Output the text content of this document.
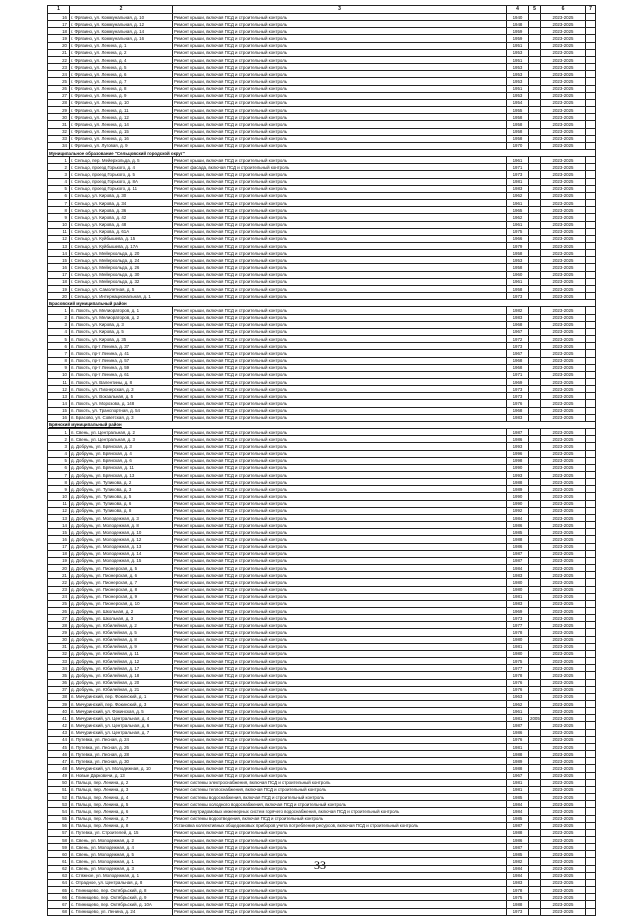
1	2	3	4	5	6	7
16	г. Фрязино, ул. Коммунальная, д. 10	Ремонт крыши, включая ПСД и строительный контроль	1940		2023-2025	
17	г. Фрязино, ул. Коммунальная, д. 12	Ремонт крыши, включая ПСД и строительный контроль	1948		2023-2025	
18	г. Фрязино, ул. Коммунальная, д. 14	Ремонт крыши, включая ПСД и строительный контроль	1959		2023-2025	
19	г. Фрязино, ул. Коммунальная, д. 16	Ремонт крыши, включая ПСД и строительный контроль	1959		2023-2025	
20	г. Фрязино, ул. Ленина, д. 1	Ремонт крыши, включая ПСД и строительный контроль	1951		2023-2025	
21	г. Фрязино, ул. Ленина, д. 2	Ремонт крыши, включая ПСД и строительный контроль	1953		2023-2025	
22	г. Фрязино, ул. Ленина, д. 4	Ремонт крыши, включая ПСД и строительный контроль	1951		2023-2025	
23	г. Фрязино, ул. Ленина, д. 5	Ремонт крыши, включая ПСД и строительный контроль	1953		2023-2025	
24	г. Фрязино, ул. Ленина, д. 6	Ремонт крыши, включая ПСД и строительный контроль	1953		2023-2025	
25	г. Фрязино, ул. Ленина, д. 7	Ремонт крыши, включая ПСД и строительный контроль	1953		2023-2025	
26	г. Фрязино, ул. Ленина, д. 8	Ремонт крыши, включая ПСД и строительный контроль	1951		2023-2025	
27	г. Фрязино, ул. Ленина, д. 9	Ремонт крыши, включая ПСД и строительный контроль	1953		2023-2025	
28	г. Фрязино, ул. Ленина, д. 10	Ремонт крыши, включая ПСД и строительный контроль	1954		2023-2025	
29	г. Фрязино, ул. Ленина, д. 11	Ремонт крыши, включая ПСД и строительный контроль	1955		2023-2025	
30	г. Фрязино, ул. Ленина, д. 12	Ремонт крыши, включая ПСД и строительный контроль	1958		2023-2025	
31	г. Фрязино, ул. Ленина, д. 14	Ремонт крыши, включая ПСД и строительный контроль	1958		2023-2025	
32	г. Фрязино, ул. Ленина, д. 15	Ремонт крыши, включая ПСД и строительный контроль	1958		2023-2025	
33	г. Фрязино, ул. Ленина, д. 16	Ремонт крыши, включая ПСД и строительный контроль	1958		2023-2025	
34	г. Фрязино, ул. Луговая, д. 9	Ремонт крыши, включая ПСД и строительный контроль	1970		2023-2025	
Муниципальное образование "Сельцовский городской округ"						
1	г. Сельцо, пер. Мейерхольда, д. 5	Ремонт крыши, включая ПСД и строительный контроль	1961		2023-2025	
2	г. Сельцо, проезд Горького, д. 4	Ремонт фасада, включая ПСД и строительный контроль	1971		2023-2025	
3	г. Сельцо, проезд Горького, д. 5	Ремонт крыши, включая ПСД и строительный контроль	1973		2023-2025	
4	г. Сельцо, проезд Горького, д. 8А	Ремонт крыши, включая ПСД и строительный контроль	1981		2023-2025	
5	г. Сельцо, проезд Горького, д. 11	Ремонт крыши, включая ПСД и строительный контроль	1983		2023-2025	
6	г. Сельцо, ул. Кирова, д. 30	Ремонт крыши, включая ПСД и строительный контроль	1962		2023-2025	
7	г. Сельцо, ул. Кирова, д. 34	Ремонт крыши, включая ПСД и строительный контроль	1961		2023-2025	
8	г. Сельцо, ул. Кирова, д. 36	Ремонт крыши, включая ПСД и строительный контроль	1965		2023-2025	
9	г. Сельцо, ул. Кирова, д. 42	Ремонт крыши, включая ПСД и строительный контроль	1962		2023-2025	
10	г. Сельцо, ул. Кирова, д. 48	Ремонт крыши, включая ПСД и строительный контроль	1961		2023-2025	
11	г. Сельцо, ул. Кирова, д. 61А	Ремонт крыши, включая ПСД и строительный контроль	1975		2023-2025	
12	г. Сельцо, ул. Куйбышева, д. 15	Ремонт крыши, включая ПСД и строительный контроль	1966		2023-2025	
13	г. Сельцо, ул. Куйбышева, д. 17А	Ремонт крыши, включая ПСД и строительный контроль	1979		2023-2025	
14	г. Сельцо, ул. Мейерхольда, д. 20	Ремонт крыши, включая ПСД и строительный контроль	1958		2023-2025	
15	г. Сельцо, ул. Мейерхольда, д. 24	Ремонт крыши, включая ПСД и строительный контроль	1953		2023-2025	
16	г. Сельцо, ул. Мейерхольда, д. 26	Ремонт крыши, включая ПСД и строительный контроль	1958		2023-2025	
17	г. Сельцо, ул. Мейерхольда, д. 30	Ремонт крыши, включая ПСД и строительный контроль	1960		2023-2025	
18	г. Сельцо, ул. Мейерхольда, д. 32	Ремонт крыши, включая ПСД и строительный контроль	1961		2023-2025	
19	г. Сельцо, ул. Самолетная, д. 5	Ремонт крыши, включая ПСД и строительный контроль	1958		2023-2025	
20	г. Сельцо, ул. Интернациональная, д. 1	Ремонт крыши, включая ПСД и строительный контроль	1973		2023-2025	
Брасовский муниципальный район						
1	п. Локоть, ул. Мелиораторов, д. 1	Ремонт крыши, включая ПСД и строительный контроль	1982		2023-2025	
2	п. Локоть, ул. Мелиораторов, д. 2	Ремонт крыши, включая ПСД и строительный контроль	1983		2023-2025	
3	п. Локоть, ул. Кирова, д. 3	Ремонт крыши, включая ПСД и строительный контроль	1968		2023-2025	
4	п. Локоть, ул. Кирова, д. 5	Ремонт крыши, включая ПСД и строительный контроль	1967		2023-2025	
5	п. Локоть, ул. Кирова, д. 35	Ремонт крыши, включая ПСД и строительный контроль	1972		2023-2025	
6	п. Локоть, пр-т Ленина, д. 37	Ремонт крыши, включая ПСД и строительный контроль	1973		2023-2025	
7	п. Локоть, пр-т Ленина, д. 41	Ремонт крыши, включая ПСД и строительный контроль	1967		2023-2025	
8	п. Локоть, пр-т Ленина, д. 57	Ремонт крыши, включая ПСД и строительный контроль	1968		2023-2025	
9	п. Локоть, пр-т Ленина, д. 59	Ремонт крыши, включая ПСД и строительный контроль	1968		2023-2025	
10	п. Локоть, пр-т Ленина, д. 61	Ремонт крыши, включая ПСД и строительный контроль	1971		2023-2025	
11	п. Локоть, ул. Валентины, д. 8	Ремонт крыши, включая ПСД и строительный контроль	1969		2023-2025	
12	п. Локоть, ул. Пионерская, д. 3	Ремонт крыши, включая ПСД и строительный контроль	1973		2023-2025	
13	п. Локоть, ул. Вокзальная, д. 5	Ремонт крыши, включая ПСД и строительный контроль	1973		2023-2025	
14	п. Локоть, ул. Морозова, д. 148	Ремонт крыши, включая ПСД и строительный контроль	1976		2023-2025	
15	п. Локоть, ул. Транспортная, д. 54	Ремонт крыши, включая ПСД и строительный контроль	1968		2023-2025	
16	п. Брасово, ул. Советская, д. 3	Ремонт крыши, включая ПСД и строительный контроль	1983		2023-2025	
Брянский муниципальный район						
1	п. Свень, ул. Центральная, д. 2	Ремонт крыши, включая ПСД и строительный контроль	1987		2023-2025	
2	п. Свень, ул. Центральная, д. 3	Ремонт крыши, включая ПСД и строительный контроль	1986		2023-2025	
3	д. Добрунь, ул. Брянская, д. 3	Ремонт крыши, включая ПСД и строительный контроль	1993		2023-2025	
4	д. Добрунь, ул. Брянская, д. 4	Ремонт крыши, включая ПСД и строительный контроль	1996		2023-2025	
5	д. Добрунь, ул. Брянская, д. 6	Ремонт крыши, включая ПСД и строительный контроль	1998		2023-2025	
6	д. Добрунь, ул. Брянская, д. 11	Ремонт крыши, включая ПСД и строительный контроль	1990		2023-2025	
7	д. Добрунь, ул. Брянская, д. 13	Ремонт крыши, включая ПСД и строительный контроль	1993		2023-2025	
8	д. Добрунь, ул. Тупикова, д. 2	Ремонт крыши, включая ПСД и строительный контроль	1988		2023-2025	
9	д. Добрунь, ул. Тупикова, д. 3	Ремонт крыши, включая ПСД и строительный контроль	1989		2023-2025	
10	д. Добрунь, ул. Тупикова, д. 5	Ремонт крыши, включая ПСД и строительный контроль	1990		2023-2025	
11	д. Добрунь, ул. Тупикова, д. 6	Ремонт крыши, включая ПСД и строительный контроль	1990		2023-2025	
12	д. Добрунь, ул. Тупикова, д. 8	Ремонт крыши, включая ПСД и строительный контроль	1992		2023-2025	
13	д. Добрунь, ул. Молодежная, д. 3	Ремонт крыши, включая ПСД и строительный контроль	1984		2023-2025	
14	д. Добрунь, ул. Молодежная, д. 8	Ремонт крыши, включая ПСД и строительный контроль	1986		2023-2025	
15	д. Добрунь, ул. Молодежная, д. 10	Ремонт крыши, включая ПСД и строительный контроль	1985		2023-2025	
16	д. Добрунь, ул. Молодежная, д. 12	Ремонт крыши, включая ПСД и строительный контроль	1988		2023-2025	
17	д. Добрунь, ул. Молодежная, д. 13	Ремонт крыши, включая ПСД и строительный контроль	1986		2023-2025	
18	д. Добрунь, ул. Молодежная, д. 14	Ремонт крыши, включая ПСД и строительный контроль	1987		2023-2025	
19	д. Добрунь, ул. Молодежная, д. 15	Ремонт крыши, включая ПСД и строительный контроль	1987		2023-2025	
20	д. Добрунь, ул. Пионерская, д. 5	Ремонт крыши, включая ПСД и строительный контроль	1984		2023-2025	
21	д. Добрунь, ул. Пионерская, д. 6	Ремонт крыши, включая ПСД и строительный контроль	1983		2023-2025	
22	д. Добрунь, ул. Пионерская, д. 7	Ремонт крыши, включая ПСД и строительный контроль	1980		2023-2025	
23	д. Добрунь, ул. Пионерская, д. 8	Ремонт крыши, включая ПСД и строительный контроль	1980		2023-2025	
24	д. Добрунь, ул. Пионерская, д. 9	Ремонт крыши, включая ПСД и строительный контроль	1981		2023-2025	
25	д. Добрунь, ул. Пионерская, д. 10	Ремонт крыши, включая ПСД и строительный контроль	1983		2023-2025	
26	д. Добрунь, ул. Школьная, д. 2	Ремонт крыши, включая ПСД и строительный контроль	1969		2023-2025	
27	д. Добрунь, ул. Школьная, д. 3	Ремонт крыши, включая ПСД и строительный контроль	1973		2023-2025	
28	д. Добрунь, ул. Юбилейная, д. 2	Ремонт крыши, включая ПСД и строительный контроль	1977		2023-2025	
29	д. Добрунь, ул. Юбилейная, д. 5	Ремонт крыши, включая ПСД и строительный контроль	1978		2023-2025	
30	д. Добрунь, ул. Юбилейная, д. 8	Ремонт крыши, включая ПСД и строительный контроль	1980		2023-2025	
31	д. Добрунь, ул. Юбилейная, д. 9	Ремонт крыши, включая ПСД и строительный контроль	1981		2023-2025	
32	д. Добрунь, ул. Юбилейная, д. 11	Ремонт крыши, включая ПСД и строительный контроль	1980		2023-2025	
33	д. Добрунь, ул. Юбилейная, д. 12	Ремонт крыши, включая ПСД и строительный контроль	1975		2023-2025	
34	д. Добрунь, ул. Юбилейная, д. 17	Ремонт крыши, включая ПСД и строительный контроль	1977		2023-2025	
35	д. Добрунь, ул. Юбилейная, д. 18	Ремонт крыши, включая ПСД и строительный контроль	1978		2023-2025	
36	д. Добрунь, ул. Юбилейная, д. 20	Ремонт крыши, включая ПСД и строительный контроль	1976		2023-2025	
37	д. Добрунь, ул. Юбилейная, д. 21	Ремонт крыши, включая ПСД и строительный контроль	1976		2023-2025	
38	п. Мичуринский, пер. Фокинский, д. 1	Ремонт крыши, включая ПСД и строительный контроль	1963		2023-2025	
39	п. Мичуринский, пер. Фокинский, д. 3	Ремонт крыши, включая ПСД и строительный контроль	1962		2023-2025	
40	п. Мичуринский, ул. Фокинская, д. 5	Ремонт крыши, включая ПСД и строительный контроль	1961		2023-2025	
41	п. Мичуринский, ул. Центральная, д. 4	Ремонт крыши, включая ПСД и строительный контроль	1981	2005	2023-2025	
42	п. Мичуринский, ул. Центральная, д. 6	Ремонт крыши, включая ПСД и строительный контроль	1987		2023-2025	
43	п. Мичуринский, ул. Центральная, д. 7	Ремонт крыши, включая ПСД и строительный контроль	1986		2023-2025	
44	п. Путевка, ул. Лесная, д. 24	Ремонт крыши, включая ПСД и строительный контроль	1976		2023-2025	
45	п. Путевка, ул. Лесная, д. 26	Ремонт крыши, включая ПСД и строительный контроль	1981		2023-2025	
46	п. Путевка, ул. Лесная, д. 28	Ремонт крыши, включая ПСД и строительный контроль	1988		2023-2025	
47	п. Путевка, ул. Лесная, д. 30	Ремонт крыши, включая ПСД и строительный контроль	1989		2023-2025	
48	п. Мичуринский, ул. Молодежная, д. 10	Ремонт крыши, включая ПСД и строительный контроль	1988		2023-2025	
49	п. Новые Дарковичи, д. 13	Ремонт крыши, включая ПСД и строительный контроль	1967		2023-2025	
50	п. Пальцо, пер. Ленина, д. 2	Ремонт системы электроснабжения, включая ПСД и строительный контроль	1981		2023-2025	
51	п. Пальцо, пер. Ленина, д. 3	Ремонт системы теплоснабжения, включая ПСД и строительный контроль	1981		2023-2025	
52	п. Пальцо, пер. Ленина, д. 4	Ремонт системы водоснабжения, включая ПСД и строительный контроль	1985		2023-2025	
53	п. Пальцо, пер. Ленина, д. 5	Ремонт системы холодного водоснабжения, включая ПСД и строительный контроль	1984		2023-2025	
54	п. Пальцо, пер. Ленина, д. 6	Ремонт внутридомовых инженерных систем горячего водоснабжения, включая ПСД и строительный контроль	1984		2023-2025	
55	п. Пальцо, пер. Ленина, д. 7	Ремонт системы водоотведения, включая ПСД и строительный контроль	1985		2023-2025	
56	п. Пальцо, пер. Ленина, д. 8	Установка коллективных общедомовых приборов учета потребления ресурсов, включая ПСД и строительный контроль	1987		2023-2025	
57	п. Путевка, ул. Строителей, д. 15	Ремонт крыши, включая ПСД и строительный контроль	1988		2023-2025	
58	п. Свень, ул. Молодежная, д. 2	Ремонт крыши, включая ПСД и строительный контроль	1986		2023-2025	
59	п. Свень, ул. Молодежная, д. 4	Ремонт крыши, включая ПСД и строительный контроль	1987		2023-2025	
60	п. Свень, ул. Молодежная, д. 5	Ремонт крыши, включая ПСД и строительный контроль	1985		2023-2025	
61	п. Свень, ул. Молодежная, д. 1	Ремонт крыши, включая ПСД и строительный контроль	1982		2023-2025	
62	п. Свень, ул. Молодежная, д. 3	Ремонт крыши, включая ПСД и строительный контроль	1984		2023-2025	
63	с. Стяжное, ул. Молодежная, д. 1	Ремонт крыши, включая ПСД и строительный контроль	1984		2023-2025	
64	с. Отрадное, ул. Центральная, д. 8	Ремонт крыши, включая ПСД и строительный контроль	1983		2023-2025	
65	с. Глинищево, пер. Октябрьский, д. 8	Ремонт крыши, включая ПСД и строительный контроль	1978		2023-2025	
66	с. Глинищево, пер. Октябрьский, д. 9	Ремонт крыши, включая ПСД и строительный контроль	1975		2023-2025	
67	с. Глинищево, пер. Октябрьский, д. 10А	Ремонт крыши, включая ПСД и строительный контроль	1988		2023-2025	
68	с. Глинищево, ул. Ленина, д. 24	Ремонт крыши, включая ПСД и строительный контроль	1973		2023-2025	
33
